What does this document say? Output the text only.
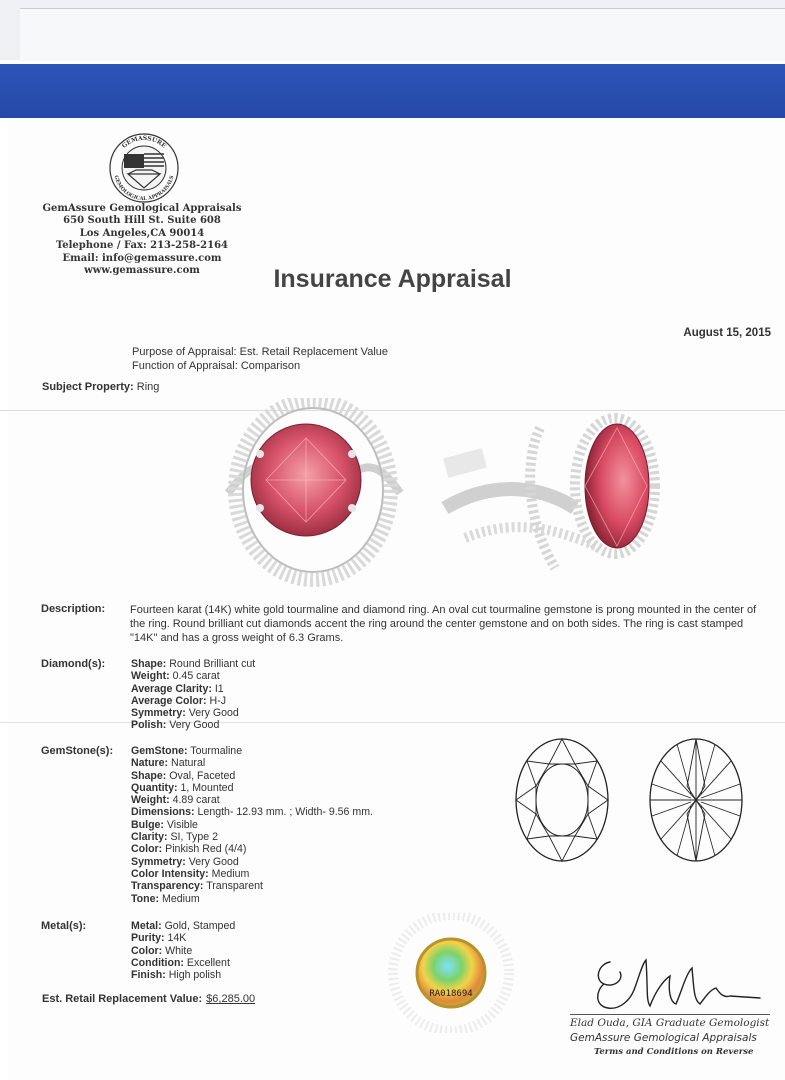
GEMASSURE
GEMOLOGICAL APPRAISALS
GemAssure Gemological Appraisals
650 South Hill St. Suite 608
Los Angeles,CA 90014
Telephone / Fax: 213-258-2164
Email: info@gemassure.com
www.gemassure.com	Insurance Appraisal
August 15, 2015
Purpose of Appraisal: Est. Retail Replacement Value
Function of Appraisal: Comparison
Subject Property: Ring
Description: Fourteen karat (14K) white gold tourmaline and diamond ring. An oval cut tourmaline gemstone is prong mounted in the center of the ring. Round brilliant cut diamonds accent the ring around the center gemstone and on both sides. The ring is cast stamped "14K" and has a gross weight of 6.3 Grams.
Diamond(s): Shape: Round Brilliant cut
Weight: 0.45 carat
Average Clarity: I1
Average Color: H-J
Symmetry: Very Good
Polish: Very Good
GemStone(s): GemStone: Tourmaline
Nature: Natural
Shape: Oval, Faceted
Quantity: 1, Mounted
Weight: 4.89 carat
Dimensions: Length- 12.93 mm. ; Width- 9.56 mm.
Bulge: Visible
Clarity: SI, Type 2
Color: Pinkish Red (4/4)
Symmetry: Very Good
Color Intensity: Medium
Transparency: Transparent
Tone: Medium
Metal(s):	Metal: Gold, Stamped
Purity: 14K
Color: White
Condition: Excellent
Finish: High polish
RA018694
Est. Retail Replacement Value: $6,285.00
Elad Ouda, GIA Graduate Gemologist
GemAssure Gemological Appraisals
Terms and Conditions on Reverse
